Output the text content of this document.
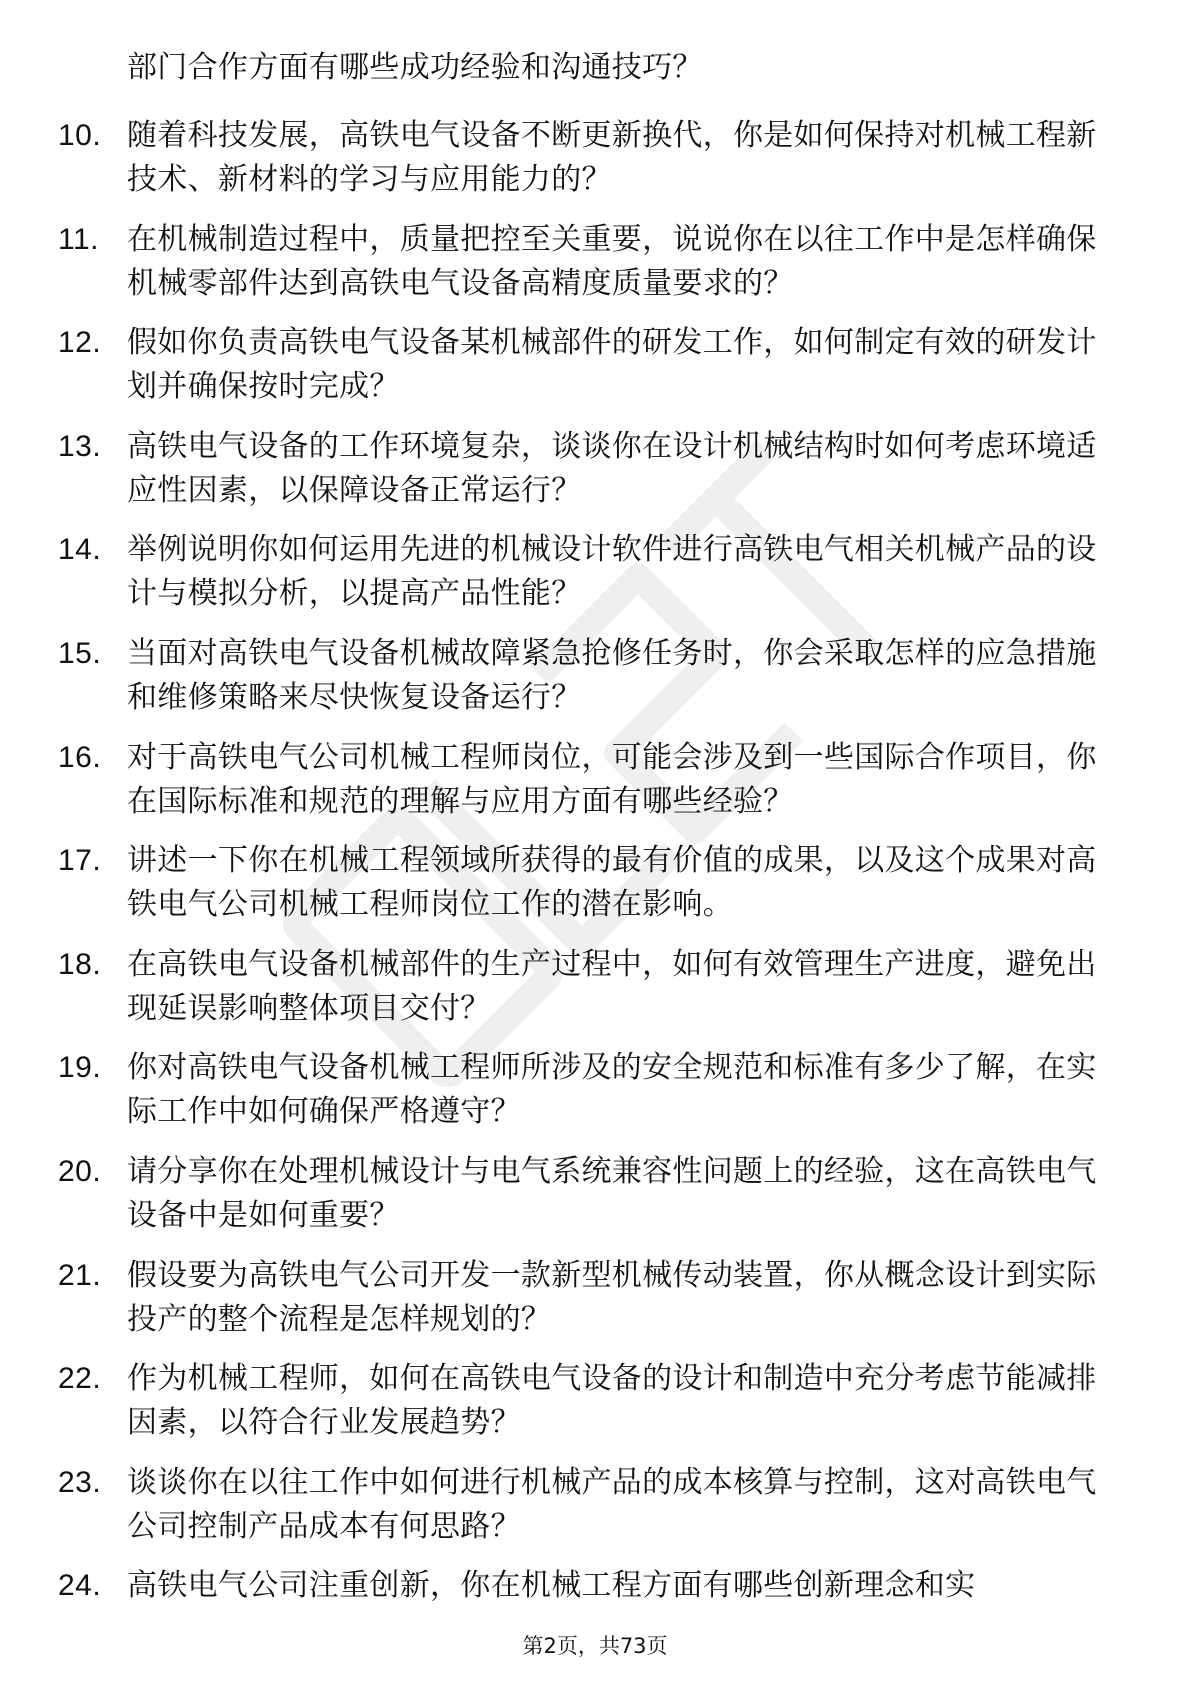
部门合作方面有哪些成功经验和沟通技巧？
10. 随着科技发展，高铁电气设备不断更新换代，你是如何保持对机械工程新技术、新材料的学习与应用能力的？
11. 在机械制造过程中，质量把控至关重要，说说你在以往工作中是怎样确保机械零部件达到高铁电气设备高精度质量要求的？
12. 假如你负责高铁电气设备某机械部件的研发工作，如何制定有效的研发计划并确保按时完成？
13. 高铁电气设备的工作环境复杂，谈谈你在设计机械结构时如何考虑环境适应性因素，以保障设备正常运行？
14. 举例说明你如何运用先进的机械设计软件进行高铁电气相关机械产品的设计与模拟分析，以提高产品性能？
15. 当面对高铁电气设备机械故障紧急抢修任务时，你会采取怎样的应急措施和维修策略来尽快恢复设备运行？
16. 对于高铁电气公司机械工程师岗位，可能会涉及到一些国际合作项目，你在国际标准和规范的理解与应用方面有哪些经验？
17. 讲述一下你在机械工程领域所获得的最有价值的成果，以及这个成果对高铁电气公司机械工程师岗位工作的潜在影响。
18. 在高铁电气设备机械部件的生产过程中，如何有效管理生产进度，避免出现延误影响整体项目交付？
19. 你对高铁电气设备机械工程师所涉及的安全规范和标准有多少了解，在实际工作中如何确保严格遵守？
20. 请分享你在处理机械设计与电气系统兼容性问题上的经验，这在高铁电气设备中是如何重要？
21. 假设要为高铁电气公司开发一款新型机械传动装置，你从概念设计到实际投产的整个流程是怎样规划的？
22. 作为机械工程师，如何在高铁电气设备的设计和制造中充分考虑节能减排因素，以符合行业发展趋势？
23. 谈谈你在以往工作中如何进行机械产品的成本核算与控制，这对高铁电气公司控制产品成本有何思路？
24. 高铁电气公司注重创新，你在机械工程方面有哪些创新理念和实
第2页，共73页
